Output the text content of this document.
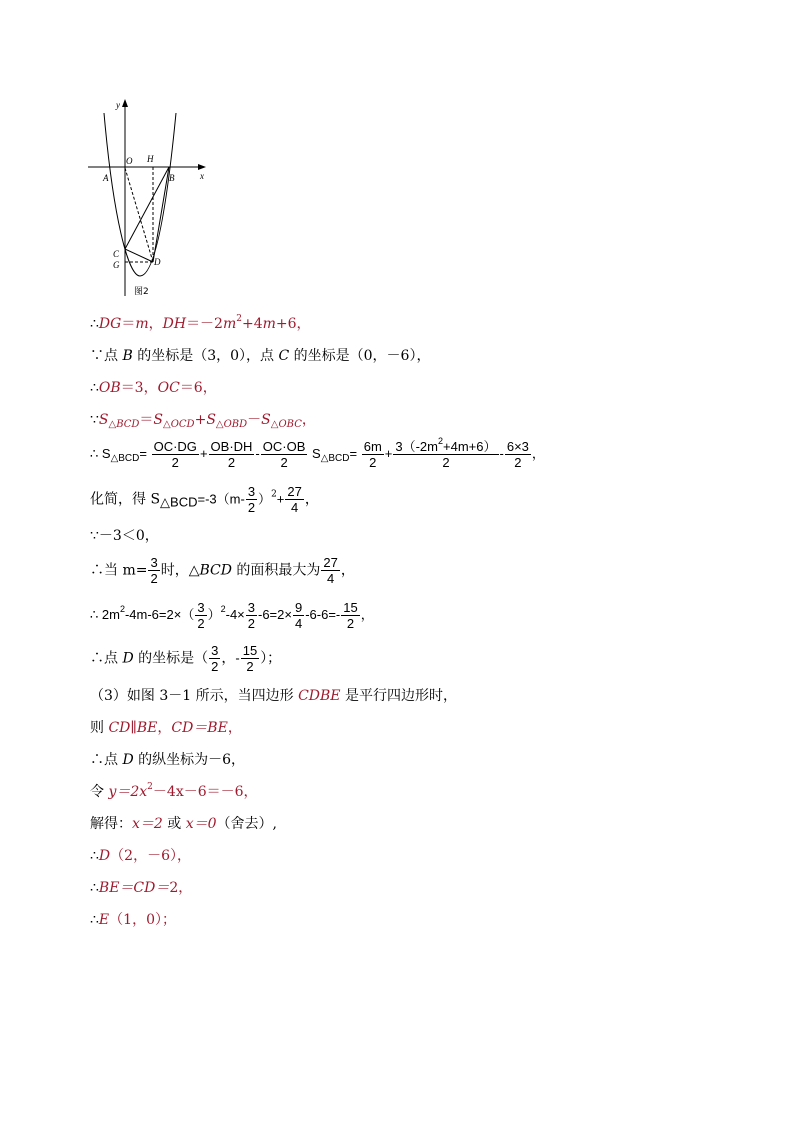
y
x
O H
A	B
C
G	D
图2
∴DG＝m，$DH=-2m^2+4m+6$，
∵点 B 的坐标是（3，0），点 C 的坐标是（0，－6），
∴OB＝3，OC＝6，
$\because S_{\triangle BCD}=S_{\triangle OCD}+S_{\triangle OBD}-S_{\triangle OBC}$，
∴ $S_{\triangle BCD}= \frac{OC\cdot DG}{2} + \frac{OB\cdot DH}{2} - \frac{OC\cdot OB}{2} S_{\triangle BCD}= \frac{6m}{2} + \frac{3(-2m^2+4m+6)}{2} - \frac{6\times 3}{2}$ ，
化简，得 $S_{\triangle BCD}=-3(m- \frac{3}{2} )^2+ \frac{27}{4}$ ，
∵－3＜0，
∴当 $m= \frac{3}{2}$ 时，△BCD 的面积最大为 $\frac{27}{4}$ ，
∴ $2m^2-4m-6=2\times( \frac{3}{2} )^2-4\times \frac{3}{2} -6=2\times \frac{9}{4} -6-6=- \frac{15}{2}$ ，
∴点 D 的坐标是（ $\frac{3}{2}$ ，- $\frac{15}{2}$ ）；
（3）如图 3－1 所示，当四边形 CDBE 是平行四边形时，
则 CD∥BE，CD＝BE，
∴点 D 的纵坐标为－6，
令 $y=2x^2-4x-6=-6$，
解得：x＝2 或 x＝0（舍去）,
∴D（2，－6），
∴BE＝CD＝2，
∴E（1，0）；
